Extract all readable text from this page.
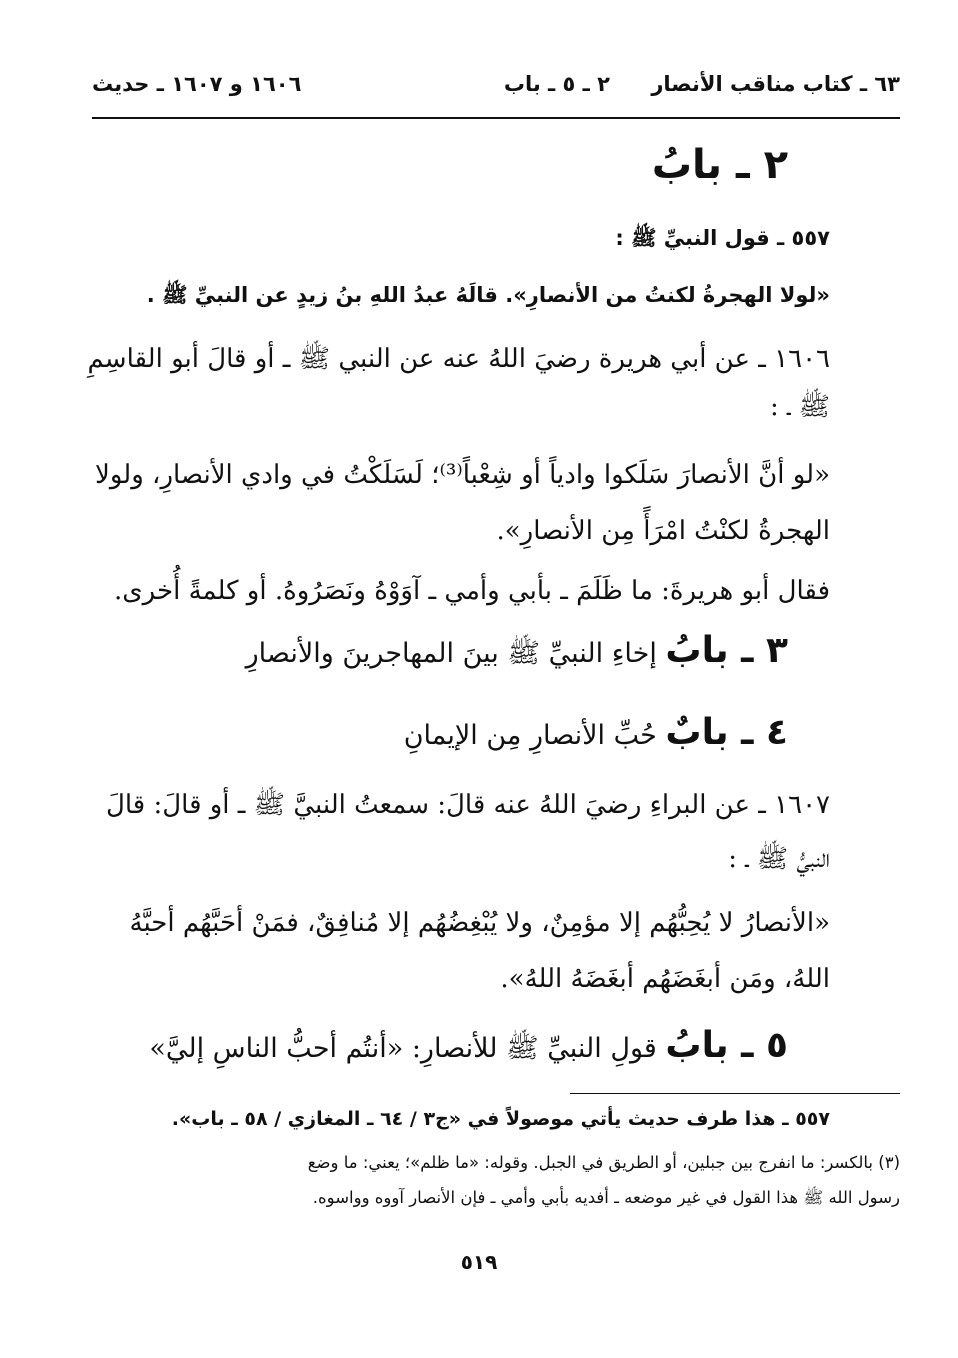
٦٣ ـ كتاب مناقب الأنصار
٢ ـ ٥ ـ باب
١٦٠٦ و ١٦٠٧ ـ حديث
٢ ـ بابُ
٥٥٧ ـ قول النبيِّ ﷺ :
«لولا الهجرةُ لكنتُ من الأنصارِ». قالَهُ عبدُ اللهِ بنُ زيدٍ عن النبيِّ ﷺ .
١٦٠٦ ـ عن أبي هريرة رضيَ اللهُ عنه عن النبي ﷺ ـ أو قالَ أبو القاسِمِ
ﷺ ـ :
«لو أنَّ الأنصارَ سَلَكوا وادياً أو شِعْباً⁽³⁾؛ لَسَلَكْتُ في وادي الأنصارِ، ولولا
الهجرةُ لكنْتُ امْرَأً مِن الأنصارِ».
فقال أبو هريرةَ: ما ظَلَمَ ـ بأبي وأمي ـ آوَوْهُ ونَصَرُوهُ. أو كلمةً أُخرى.
٣ ـ بابُ إخاءِ النبيِّ ﷺ بينَ المهاجرينَ والأنصارِ
٤ ـ بابٌ حُبِّ الأنصارِ مِن الإيمانِ
١٦٠٧ ـ عن البراءِ رضيَ اللهُ عنه قالَ: سمعتُ النبيَّ ﷺ ـ أو قالَ: قالَ
النبيُّ ﷺ ـ :
«الأنصارُ لا يُحِبُّهُم إلا مؤمِنٌ، ولا يُبْغِضُهُم إلا مُنافِقٌ، فمَنْ أحَبَّهُم أحبَّهُ
اللهُ، ومَن أبغَضَهُم أبغَضَهُ اللهُ».
٥ ـ بابُ قولِ النبيِّ ﷺ للأنصارِ: «أنتُم أحبُّ الناسِ إليَّ»
٥٥٧ ـ هذا طرف حديث يأتي موصولاً في «ج٣ / ٦٤ ـ المغازي / ٥٨ ـ باب».
(٣) بالكسر: ما انفرج بين جبلين، أو الطريق في الجبل. وقوله: «ما ظلم»؛ يعني: ما وضع
رسول الله ﷺ هذا القول في غير موضعه ـ أفديه بأبي وأمي ـ فإن الأنصار آووه وواسوه.
٥١٩
